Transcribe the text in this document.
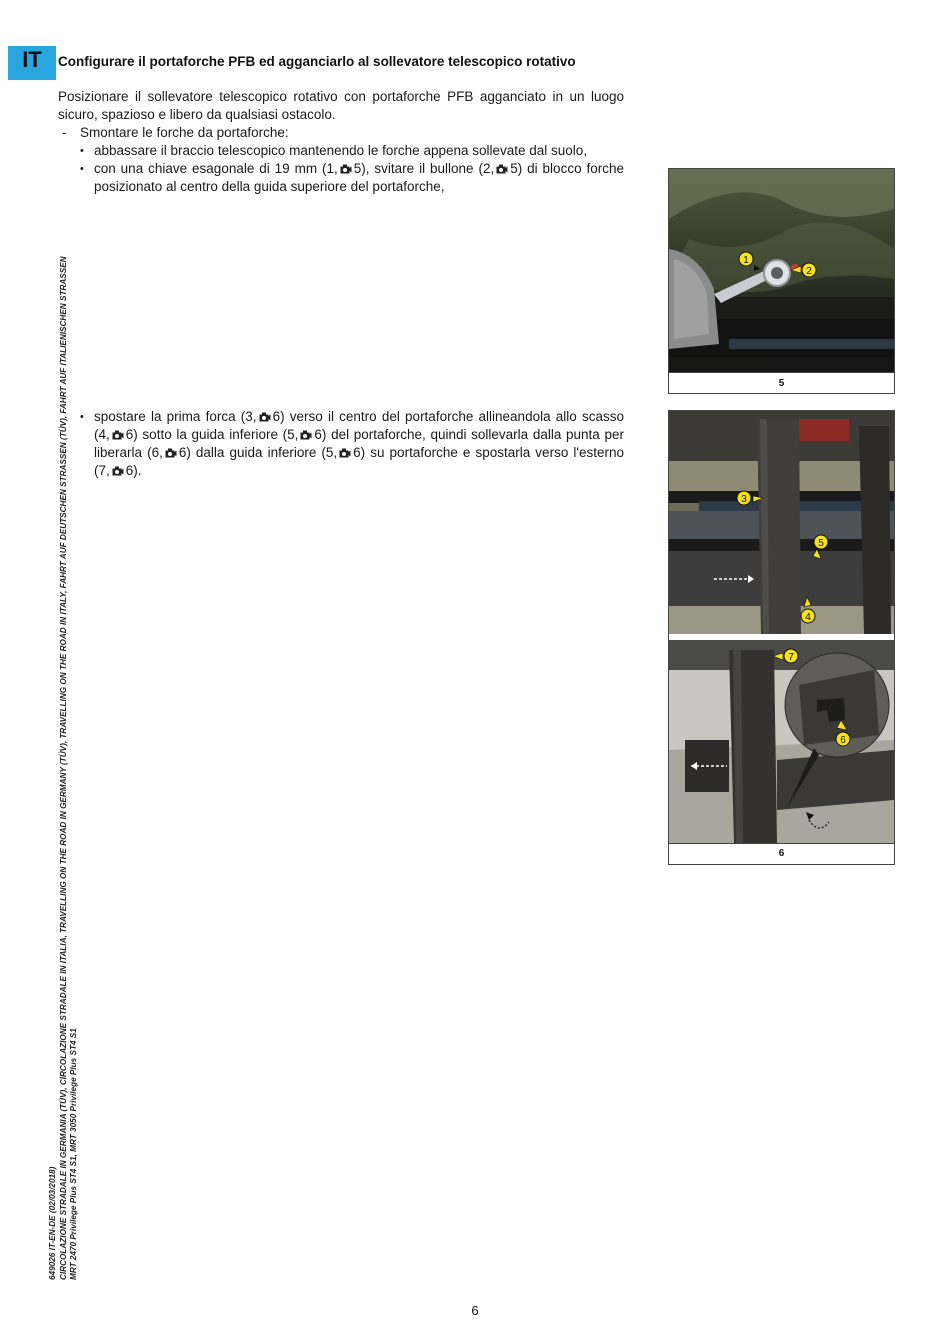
IT	Configurare il portaforche PFB ed agganciarlo al sollevatore telescopico rotativo

Posizionare il sollevatore telescopico rotativo con portaforche PFB agganciato in un luogo sicuro, spazioso e libero da qualsiasi ostacolo.

- Smontare le forche da portaforche:
• abbassare il braccio telescopico mantenendo le forche appena sollevate dal suolo,
• con una chiave esagonale di 19 mm (1, 5), svitare il bullone (2, 5) di blocco forche posizionato al centro della guida superiore del portaforche,
• spostare la prima forca (3, 6) verso il centro del portaforche allineandola allo scasso (4, 6) sotto la guida inferiore (5, 6) del portaforche, quindi sollevarla dalla punta per liberarla (6, 6) dalla guida inferiore (5, 6) su portaforche e spostarla verso l'esterno (7, 6).
1
2
5
3
5
4
7
6
6
649026 IT-EN-DE (02/03/2018) CIRCOLAZIONE STRADALE IN GERMANIA (TÜV), CIRCOLAZIONE STRADALE IN ITALIA, TRAVELLING ON THE ROAD IN GERMANY (TÜV), TRAVELLING ON THE ROAD IN ITALY, FAHRT AUF DEUTSCHEN STRASSEN (TÜV), FAHRT AUF ITALIENISCHEN STRASSEN MRT 2470 Privilege Plus ST4 S1, MRT 3050 Privilege Plus ST4 S1
6
